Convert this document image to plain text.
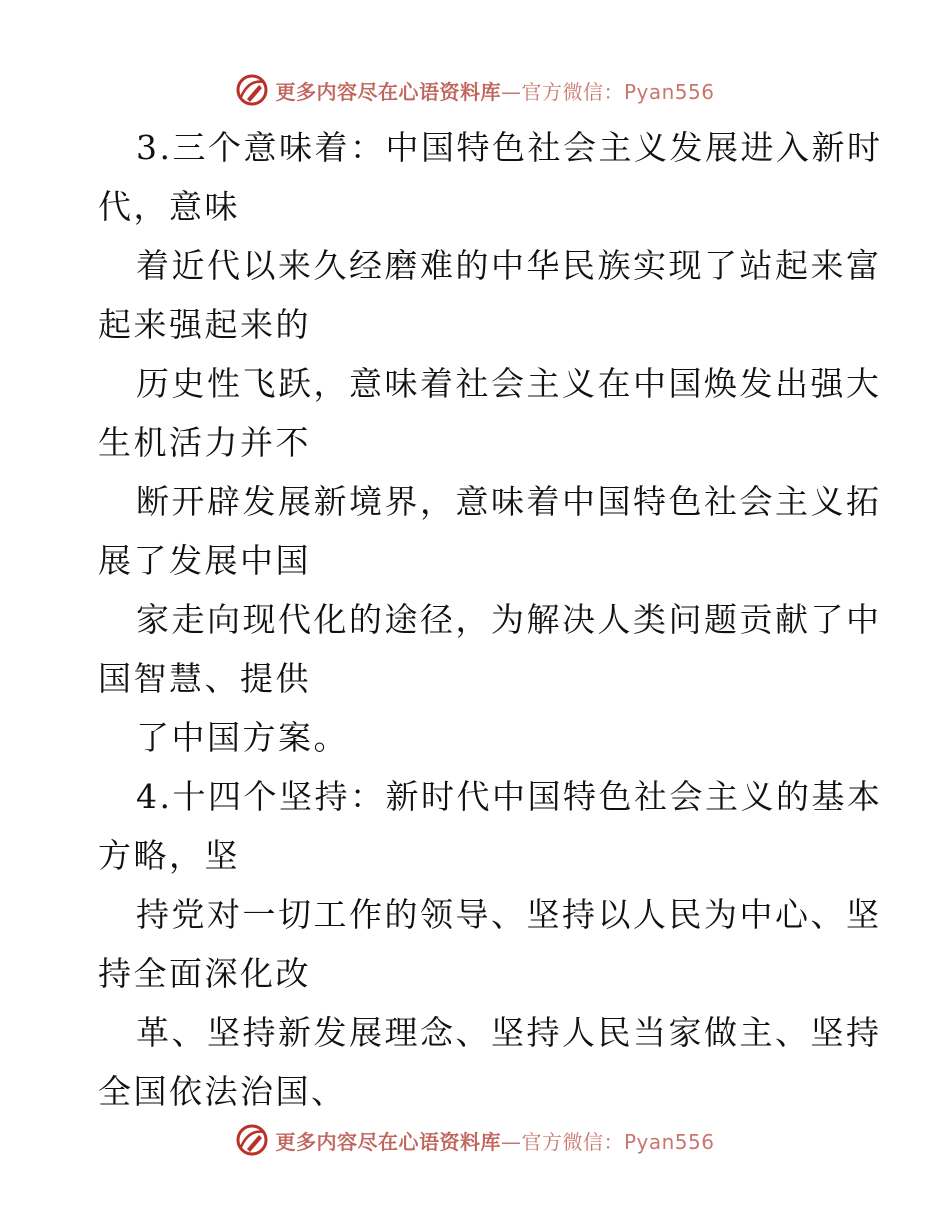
更多内容尽在心语资料库—官方微信：Pyan556
3.三个意味着：中国特色社会主义发展进入新时
代，意味
着近代以来久经磨难的中华民族实现了站起来富
起来强起来的
历史性飞跃，意味着社会主义在中国焕发出强大
生机活力并不
断开辟发展新境界，意味着中国特色社会主义拓
展了发展中国
家走向现代化的途径，为解决人类问题贡献了中
国智慧、提供
了中国方案。
4.十四个坚持：新时代中国特色社会主义的基本
方略，坚
持党对一切工作的领导、坚持以人民为中心、坚
持全面深化改
革、坚持新发展理念、坚持人民当家做主、坚持
全国依法治国、
更多内容尽在心语资料库—官方微信：Pyan556
